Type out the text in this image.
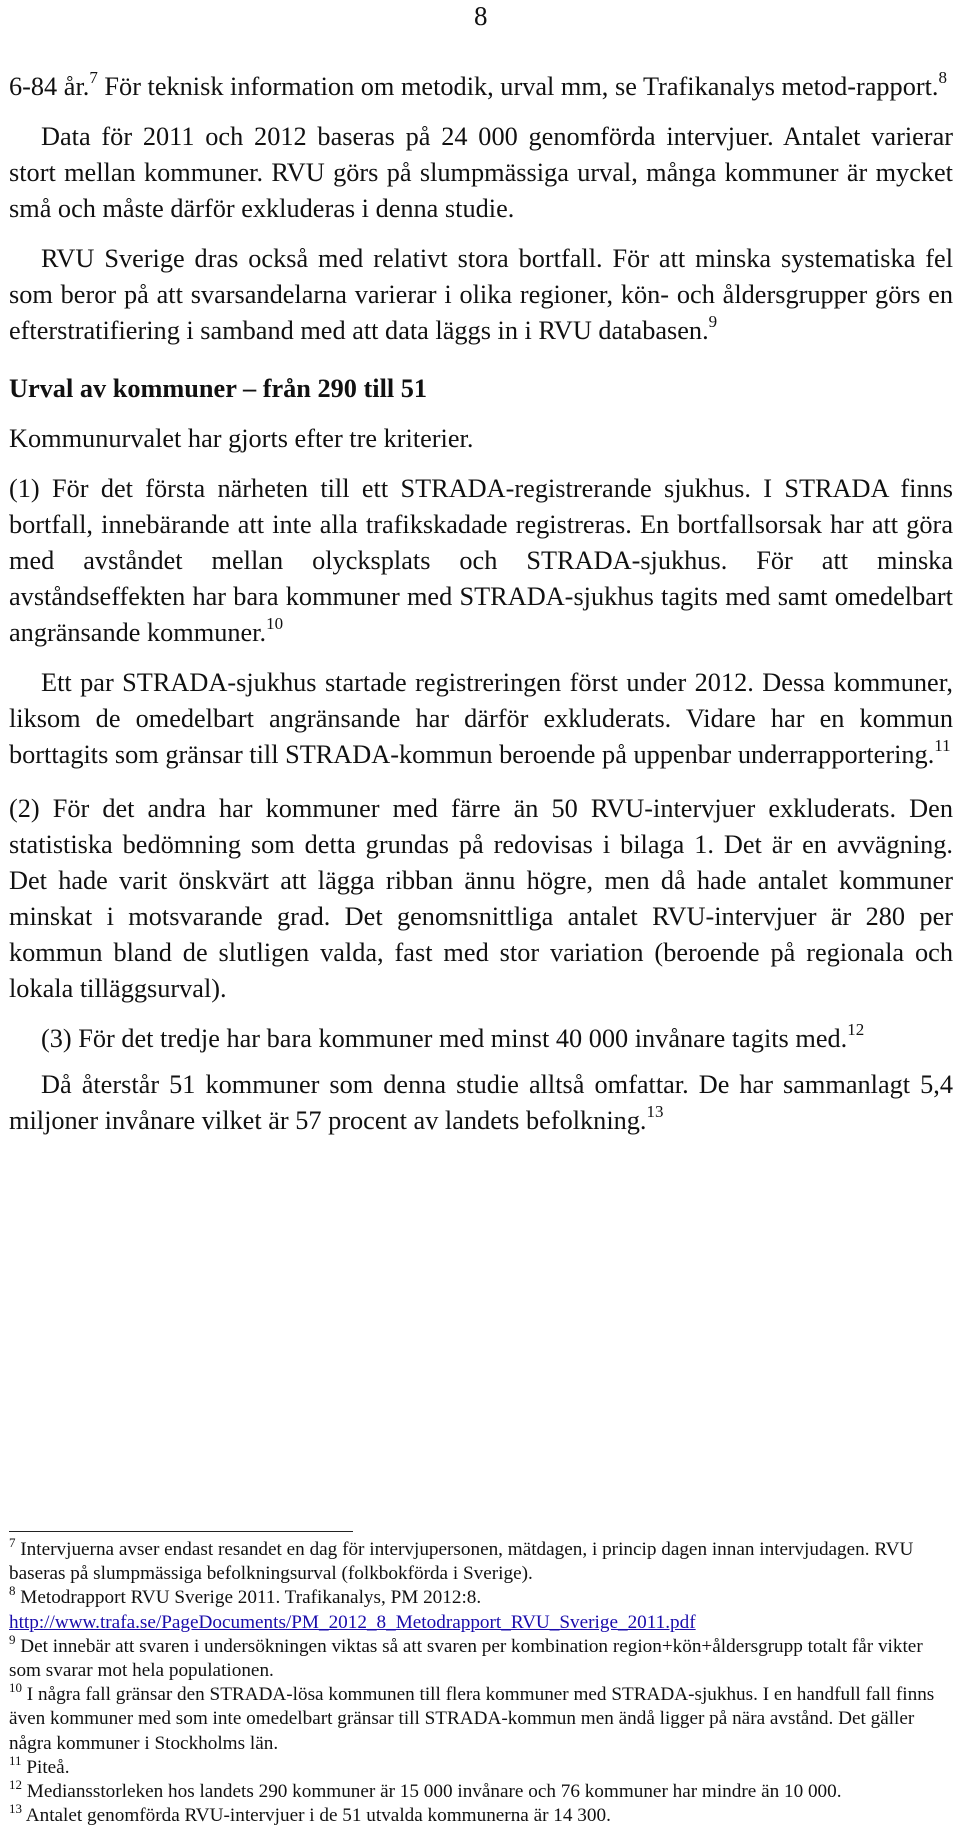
8

6-84 år.$^7$ För teknisk information om metodik, urval mm, se Trafikanalys metod-rapport.$^8$

Data för 2011 och 2012 baseras på 24 000 genomförda intervjuer. Antalet varierar stort mellan kommuner. RVU görs på slumpmässiga urval, många kommuner är mycket små och måste därför exkluderas i denna studie.

RVU Sverige dras också med relativt stora bortfall. För att minska systematiska fel som beror på att svarsandelarna varierar i olika regioner, kön- och åldersgrupper görs en efterstratifiering i samband med att data läggs in i RVU databasen.$^9$

Urval av kommuner – från 290 till 51

Kommunurvalet har gjorts efter tre kriterier.

(1) För det första närheten till ett STRADA-registrerande sjukhus. I STRADA finns bortfall, innebärande att inte alla trafikskadade registreras. En bortfallsorsak har att göra med avståndet mellan olycksplats och STRADA-sjukhus. För att minska avståndseffekten har bara kommuner med STRADA-sjukhus tagits med samt omedelbart angränsande kommuner.$^{10}$

Ett par STRADA-sjukhus startade registreringen först under 2012. Dessa kommuner, liksom de omedelbart angränsande har därför exkluderats. Vidare har en kommun borttagits som gränsar till STRADA-kommun beroende på uppenbar underrapportering.$^{11}$

(2) För det andra har kommuner med färre än 50 RVU-intervjuer exkluderats. Den statistiska bedömning som detta grundas på redovisas i bilaga 1. Det är en avvägning. Det hade varit önskvärt att lägga ribban ännu högre, men då hade antalet kommuner minskat i motsvarande grad. Det genomsnittliga antalet RVU-intervjuer är 280 per kommun bland de slutligen valda, fast med stor variation (beroende på regionala och lokala tilläggsurval).

(3) För det tredje har bara kommuner med minst 40 000 invånare tagits med.$^{12}$

Då återstår 51 kommuner som denna studie alltså omfattar. De har sammanlagt 5,4 miljoner invånare vilket är 57 procent av landets befolkning.$^{13}$

$^7$ Intervjuerna avser endast resandet en dag för intervjupersonen, mätdagen, i princip dagen innan intervjudagen. RVU baseras på slumpmässiga befolkningsurval (folkbokförda i Sverige).

$^8$ Metodrapport RVU Sverige 2011. Trafikanalys, PM 2012:8.
http://www.trafa.se/PageDocuments/PM_2012_8_Metodrapport_RVU_Sverige_2011.pdf

$^9$ Det innebär att svaren i undersökningen viktas så att svaren per kombination region+kön+åldersgrupp totalt får vikter som svarar mot hela populationen.

$^{10}$ I några fall gränsar den STRADA-lösa kommunen till flera kommuner med STRADA-sjukhus. I en handfull fall finns även kommuner med som inte omedelbart gränsar till STRADA-kommun men ändå ligger på nära avstånd. Det gäller några kommuner i Stockholms län.

$^{11}$ Piteå.

$^{12}$ Mediansstorleken hos landets 290 kommuner är 15 000 invånare och 76 kommuner har mindre än 10 000.

$^{13}$ Antalet genomförda RVU-intervjuer i de 51 utvalda kommunerna är 14 300.
